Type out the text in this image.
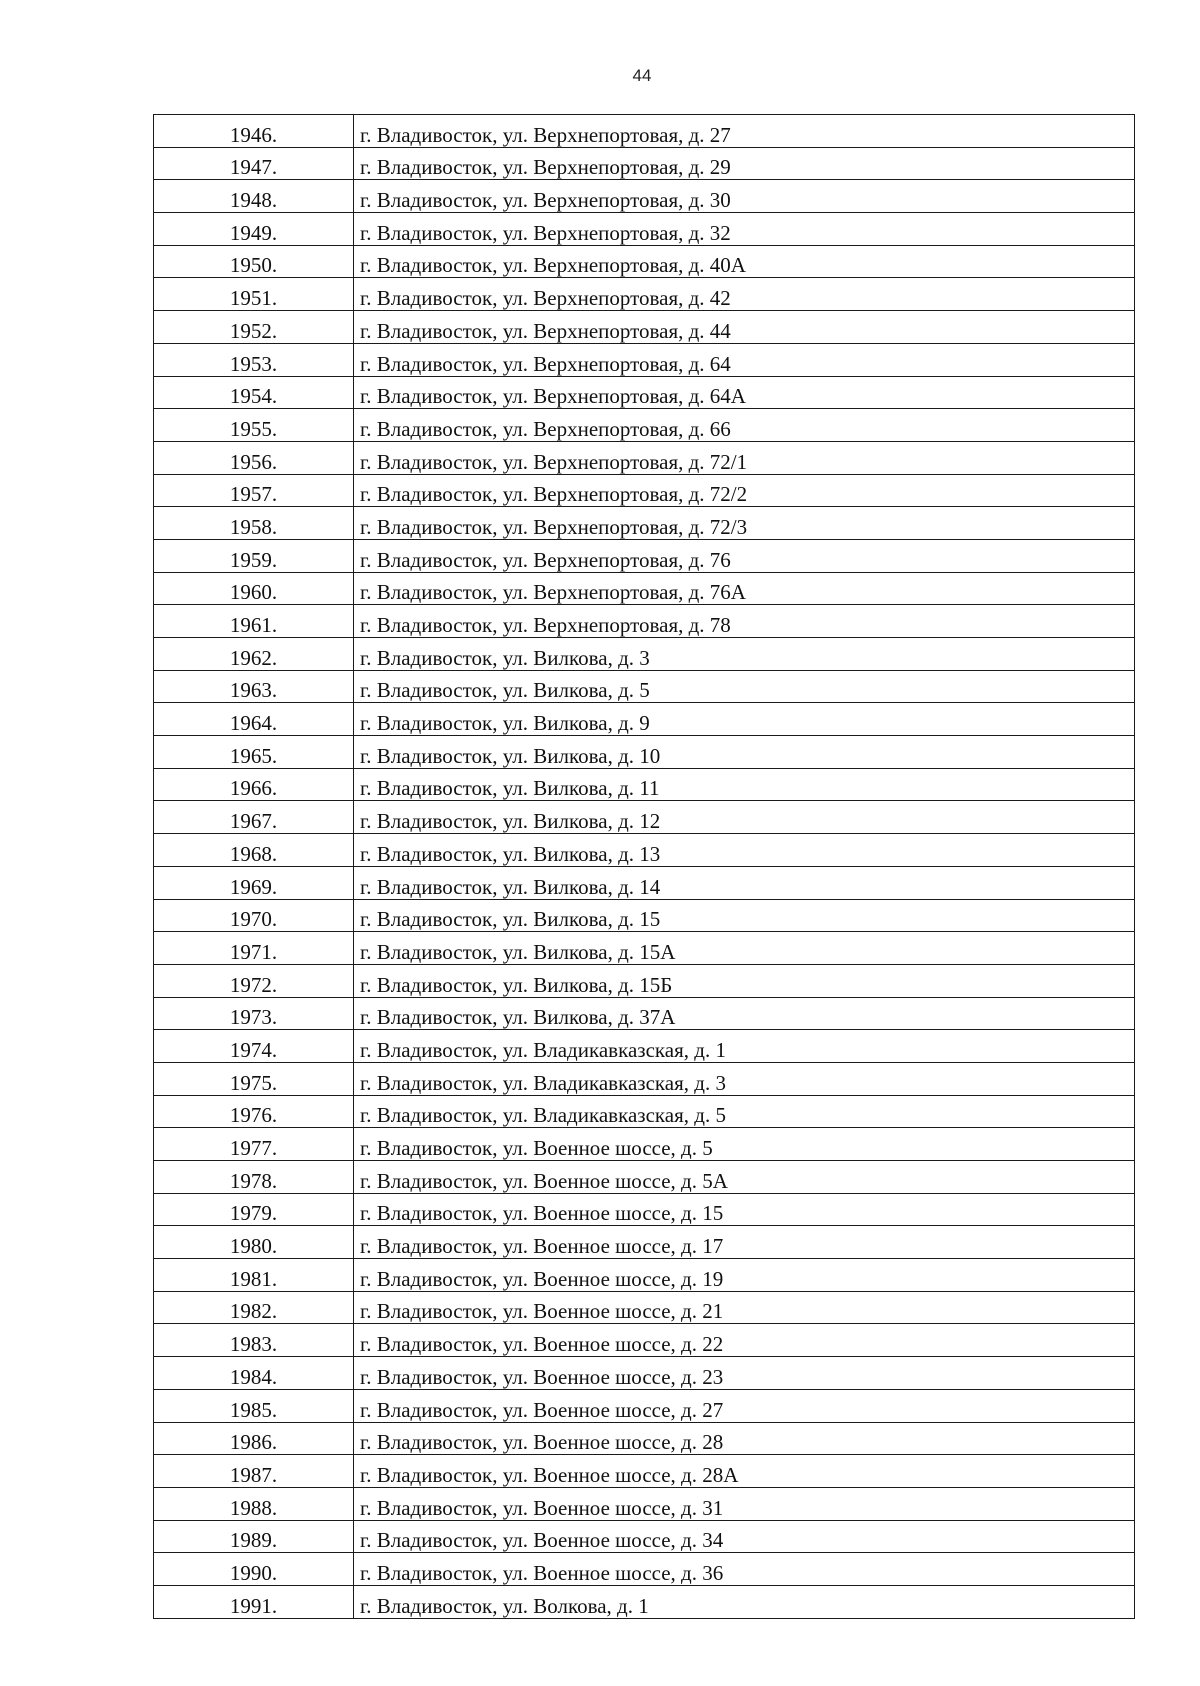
44
1946.	г. Владивосток, ул. Верхнепортовая, д. 27
1947.	г. Владивосток, ул. Верхнепортовая, д. 29
1948.	г. Владивосток, ул. Верхнепортовая, д. 30
1949.	г. Владивосток, ул. Верхнепортовая, д. 32
1950.	г. Владивосток, ул. Верхнепортовая, д. 40А
1951.	г. Владивосток, ул. Верхнепортовая, д. 42
1952.	г. Владивосток, ул. Верхнепортовая, д. 44
1953.	г. Владивосток, ул. Верхнепортовая, д. 64
1954.	г. Владивосток, ул. Верхнепортовая, д. 64А
1955.	г. Владивосток, ул. Верхнепортовая, д. 66
1956.	г. Владивосток, ул. Верхнепортовая, д. 72/1
1957.	г. Владивосток, ул. Верхнепортовая, д. 72/2
1958.	г. Владивосток, ул. Верхнепортовая, д. 72/3
1959.	г. Владивосток, ул. Верхнепортовая, д. 76
1960.	г. Владивосток, ул. Верхнепортовая, д. 76А
1961.	г. Владивосток, ул. Верхнепортовая, д. 78
1962.	г. Владивосток, ул. Вилкова, д. 3
1963.	г. Владивосток, ул. Вилкова, д. 5
1964.	г. Владивосток, ул. Вилкова, д. 9
1965.	г. Владивосток, ул. Вилкова, д. 10
1966.	г. Владивосток, ул. Вилкова, д. 11
1967.	г. Владивосток, ул. Вилкова, д. 12
1968.	г. Владивосток, ул. Вилкова, д. 13
1969.	г. Владивосток, ул. Вилкова, д. 14
1970.	г. Владивосток, ул. Вилкова, д. 15
1971.	г. Владивосток, ул. Вилкова, д. 15А
1972.	г. Владивосток, ул. Вилкова, д. 15Б
1973.	г. Владивосток, ул. Вилкова, д. 37А
1974.	г. Владивосток, ул. Владикавказская, д. 1
1975.	г. Владивосток, ул. Владикавказская, д. 3
1976.	г. Владивосток, ул. Владикавказская, д. 5
1977.	г. Владивосток, ул. Военное шоссе, д. 5
1978.	г. Владивосток, ул. Военное шоссе, д. 5А
1979.	г. Владивосток, ул. Военное шоссе, д. 15
1980.	г. Владивосток, ул. Военное шоссе, д. 17
1981.	г. Владивосток, ул. Военное шоссе, д. 19
1982.	г. Владивосток, ул. Военное шоссе, д. 21
1983.	г. Владивосток, ул. Военное шоссе, д. 22
1984.	г. Владивосток, ул. Военное шоссе, д. 23
1985.	г. Владивосток, ул. Военное шоссе, д. 27
1986.	г. Владивосток, ул. Военное шоссе, д. 28
1987.	г. Владивосток, ул. Военное шоссе, д. 28А
1988.	г. Владивосток, ул. Военное шоссе, д. 31
1989.	г. Владивосток, ул. Военное шоссе, д. 34
1990.	г. Владивосток, ул. Военное шоссе, д. 36
1991.	г. Владивосток, ул. Волкова, д. 1
